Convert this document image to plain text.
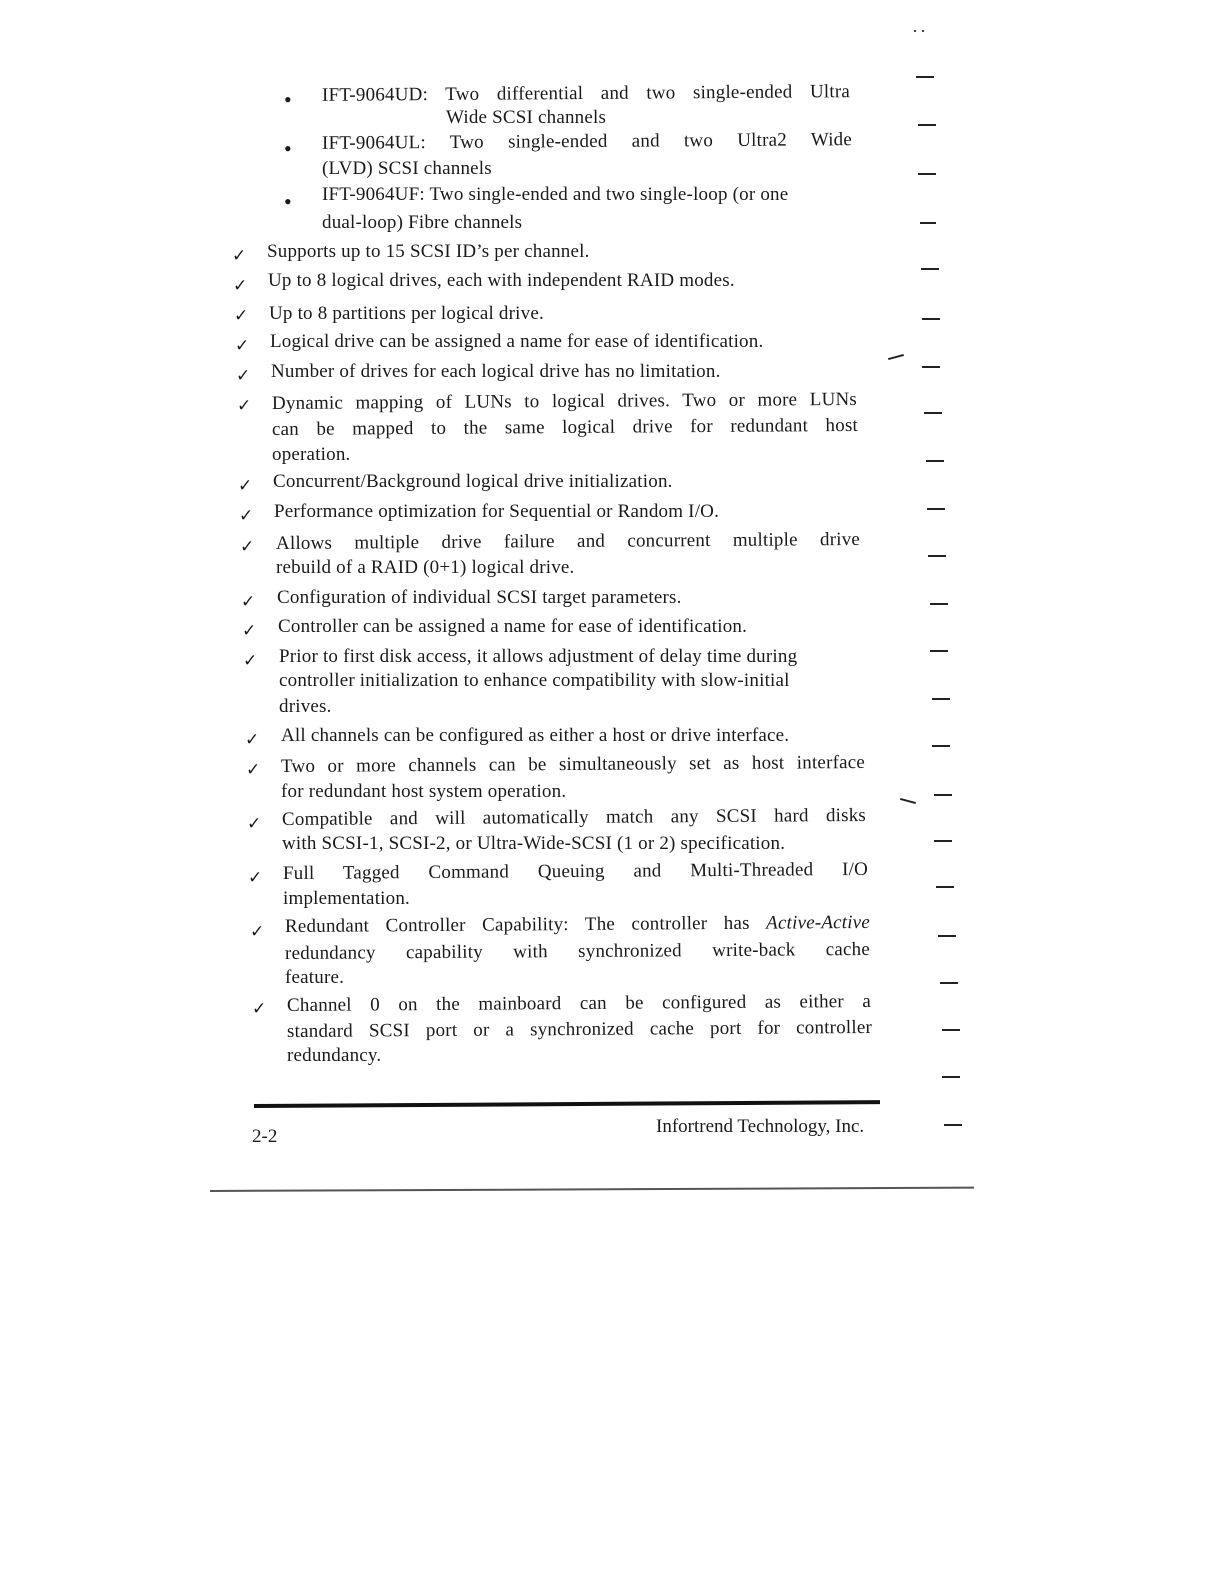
• IFT-9064UD: Two differential and two single-ended Ultra
Wide SCSI channels
• IFT-9064UL: Two single-ended and two Ultra2 Wide
(LVD) SCSI channels
• IFT-9064UF: Two single-ended and two single-loop (or one
dual-loop) Fibre channels
✓ Supports up to 15 SCSI ID’s per channel.
✓ Up to 8 logical drives, each with independent RAID modes.
✓ Up to 8 partitions per logical drive.
✓ Logical drive can be assigned a name for ease of identification.
✓ Number of drives for each logical drive has no limitation.
✓ Dynamic mapping of LUNs to logical drives. Two or more LUNs
can be mapped to the same logical drive for redundant host
operation.
✓ Concurrent/Background logical drive initialization.
✓ Performance optimization for Sequential or Random I/O.
✓ Allows multiple drive failure and concurrent multiple drive
rebuild of a RAID (0+1) logical drive.
✓ Configuration of individual SCSI target parameters.
✓ Controller can be assigned a name for ease of identification.
✓ Prior to first disk access, it allows adjustment of delay time during
controller initialization to enhance compatibility with slow-initial
drives.
✓ All channels can be configured as either a host or drive interface.
✓ Two or more channels can be simultaneously set as host interface
for redundant host system operation.
✓ Compatible and will automatically match any SCSI hard disks
with SCSI-1, SCSI-2, or Ultra-Wide-SCSI (1 or 2) specification.
✓ Full Tagged Command Queuing and Multi-Threaded I/O
implementation.
✓ Redundant Controller Capability: The controller has Active-Active
redundancy capability with synchronized write-back cache
feature.
✓ Channel 0 on the mainboard can be configured as either a
standard SCSI port or a synchronized cache port for controller
redundancy.
2-2	Infortrend Technology, Inc.
